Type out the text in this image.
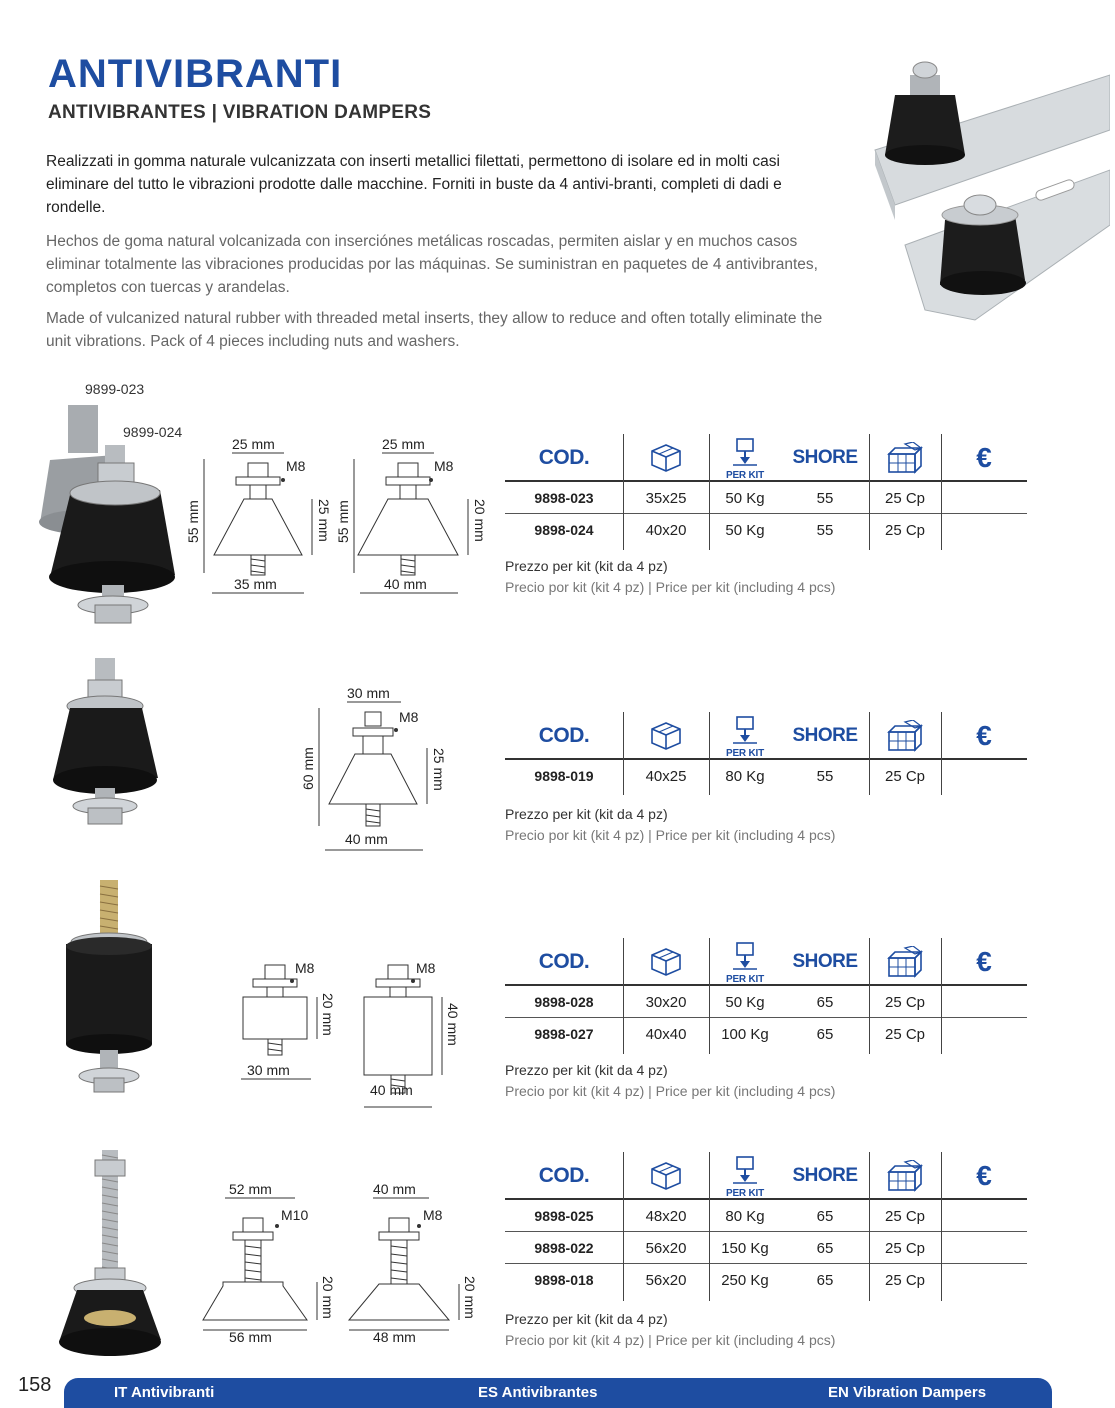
ANTIVIBRANTI
ANTIVIBRANTES | VIBRATION DAMPERS
Realizzati in gomma naturale vulcanizzata con inserti metallici filettati, permettono di isolare ed in molti casi eliminare del tutto le vibrazioni prodotte dalle macchine. Forniti in buste da 4 antivi-branti, completi di dadi e rondelle.
Hechos de goma natural volcanizada con inserciónes metálicas roscadas, permiten aislar y en muchos casos eliminar totalmente las vibraciones producidas por las máquinas. Se suministran en paquetes de 4 antivibrantes, completos con tuercas y arandelas.
Made of vulcanized natural rubber with threaded metal inserts, they allow to reduce and often totally eliminate the unit vibrations. Pack of 4 pieces including nuts and washers.
9899-023
9899-024
25 mm
M8
55 mm	25 mm
35 mm
25 mm
M8
55 mm	20 mm
40 mm
30 mm
M8
60 mm	25 mm
40 mm
M8
20 mm
30 mm
M8
40 mm
40 mm
52 mm
M10
20 mm
56 mm
40 mm
M8
20 mm
48 mm
COD.
PER KIT
SHORE	€
9898-023	35x25	50 Kg	55	25 Cp
9898-024	40x20	50 Kg	55	25 Cp
Prezzo per kit (kit da 4 pz)
Precio por kit (kit 4 pz) | Price per kit (including 4 pcs)
COD.
PER KIT
SHORE	€
9898-019	40x25	80 Kg	55	25 Cp
Prezzo per kit (kit da 4 pz)
Precio por kit (kit 4 pz) | Price per kit (including 4 pcs)
COD.
PER KIT
SHORE	€
9898-028	30x20	50 Kg	65	25 Cp
9898-027	40x40	100 Kg	65	25 Cp
Prezzo per kit (kit da 4 pz)
Precio por kit (kit 4 pz) | Price per kit (including 4 pcs)
COD.
PER KIT
SHORE	€
9898-025	48x20	80 Kg	65	25 Cp
9898-022	56x20	150 Kg	65	25 Cp
9898-018	56x20	250 Kg	65	25 Cp
Prezzo per kit (kit da 4 pz)
Precio por kit (kit 4 pz) | Price per kit (including 4 pcs)
158	IT Antivibranti	ES Antivibrantes	EN Vibration Dampers
